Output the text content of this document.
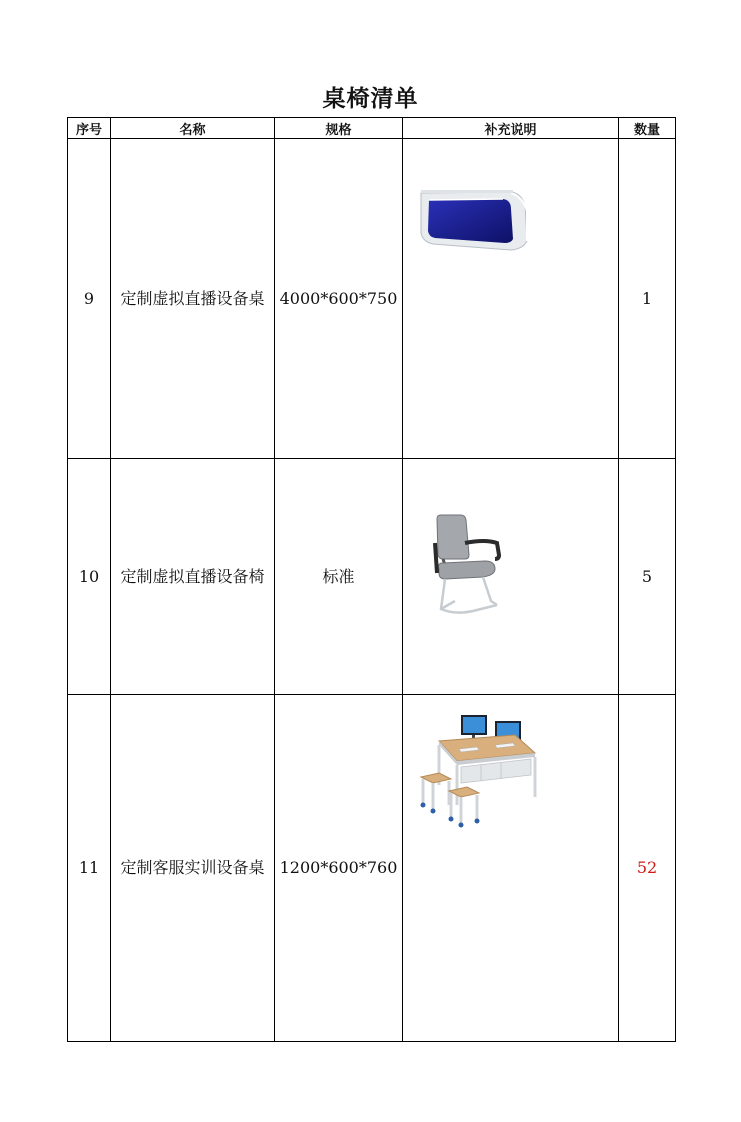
桌椅清单
序号	名称	规格	补充说明	数量
9	定制虚拟直播设备桌	4000*600*750		1
10	定制虚拟直播设备椅	标准		5
11	定制客服实训设备桌	1200*600*760		52
